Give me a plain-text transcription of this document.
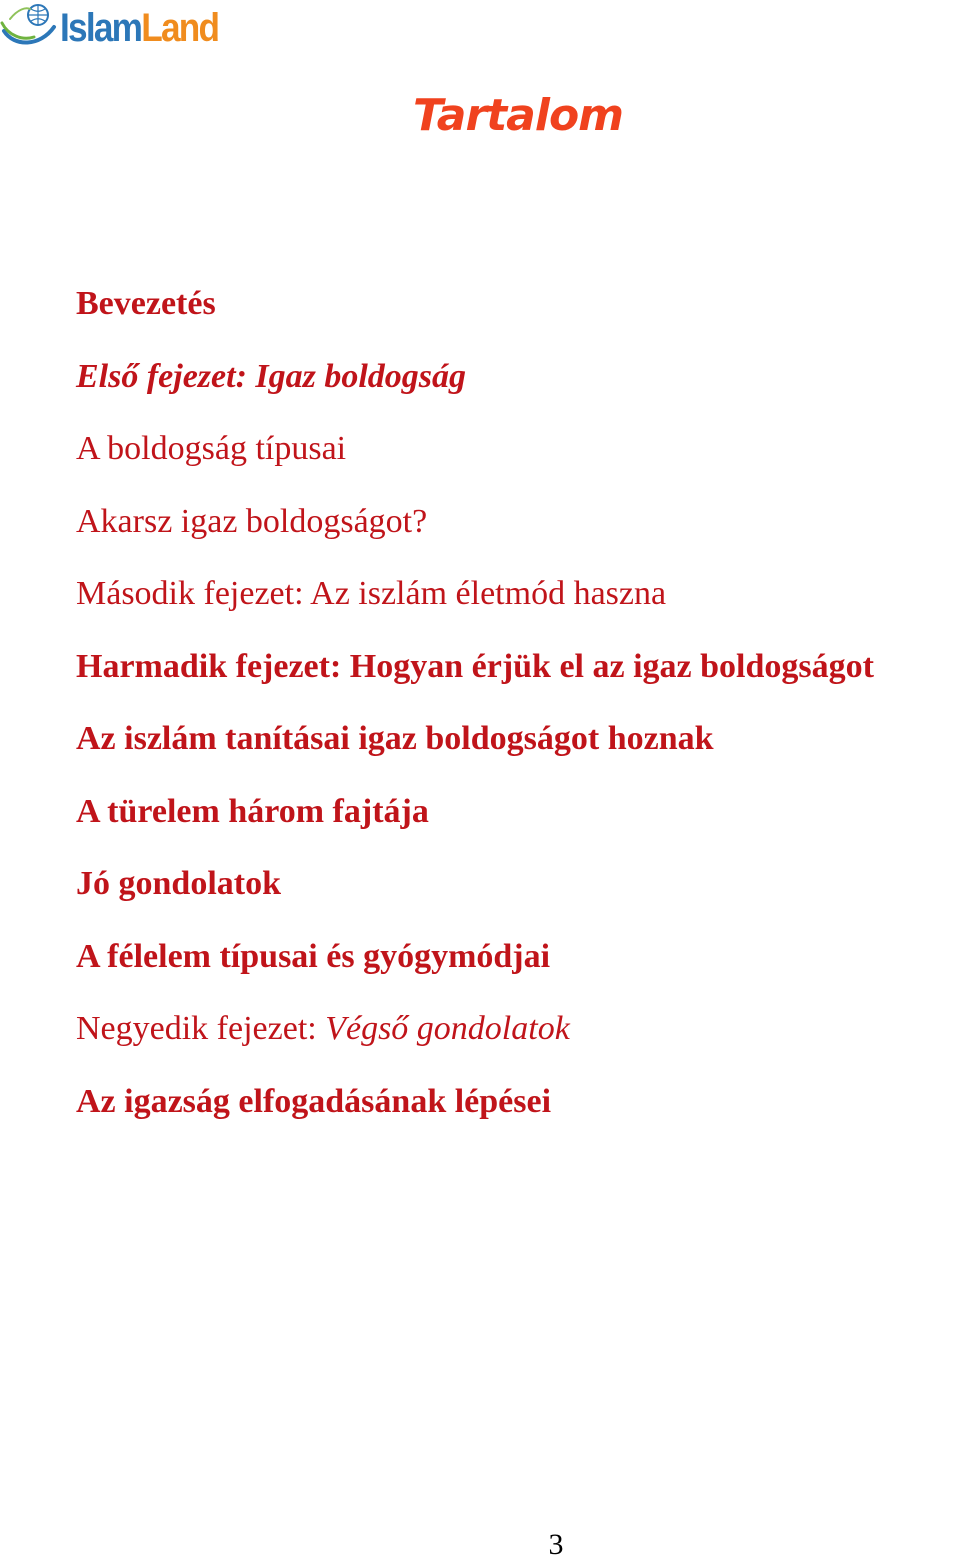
IslamLand
Tartalom
Bevezetés
Első fejezet: Igaz boldogság
A boldogság típusai
Akarsz igaz boldogságot?
Második fejezet: Az iszlám életmód haszna
Harmadik fejezet: Hogyan érjük el az igaz boldogságot
Az iszlám tanításai igaz boldogságot hoznak
A türelem három fajtája
Jó gondolatok
A félelem típusai és gyógymódjai
Negyedik fejezet: Végső gondolatok
Az igazság elfogadásának lépései
3
